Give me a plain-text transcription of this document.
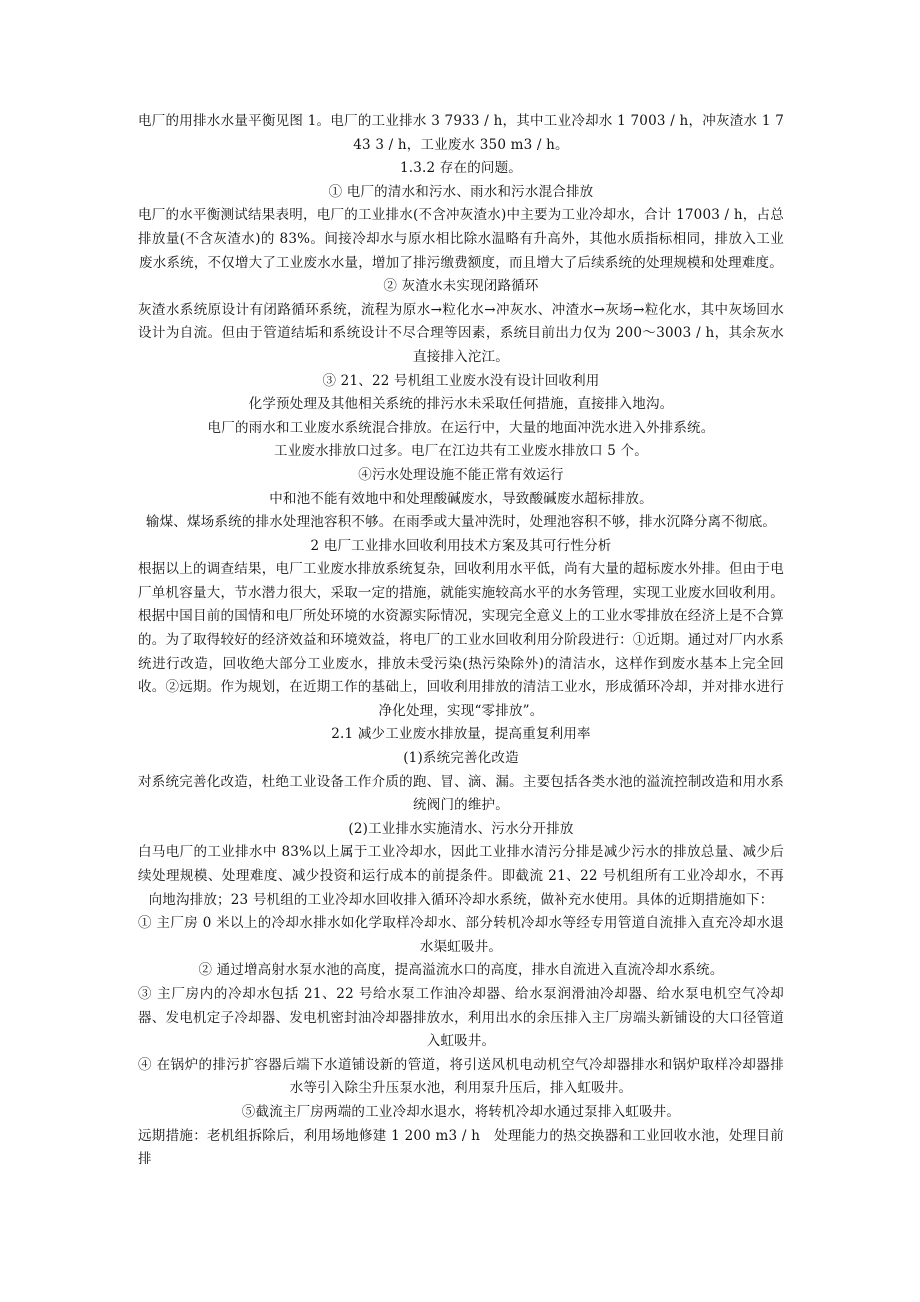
电厂的用排水水量平衡见图 1。电厂的工业排水 3 7933 / h，其中工业冷却水 1 7003 / h，冲灰渣水 1 743 3 / h，工业废水 350 m3 / h。

1.3.2 存在的问题。

① 电厂的清水和污水、雨水和污水混合排放

电厂的水平衡测试结果表明，电厂的工业排水(不含冲灰渣水)中主要为工业冷却水，合计 17003 / h，占总排放量(不含灰渣水)的 83%。间接冷却水与原水相比除水温略有升高外，其他水质指标相同，排放入工业废水系统，不仅增大了工业废水水量，增加了排污缴费额度，而且增大了后续系统的处理规模和处理难度。

② 灰渣水未实现闭路循环

灰渣水系统原设计有闭路循环系统，流程为原水→粒化水→冲灰水、冲渣水→灰场→粒化水，其中灰场回水设计为自流。但由于管道结垢和系统设计不尽合理等因素，系统目前出力仅为 200～3003 / h，其余灰水直接排入沱江。

③ 21、22 号机组工业废水没有设计回收利用

化学预处理及其他相关系统的排污水未采取任何措施，直接排入地沟。

电厂的雨水和工业废水系统混合排放。在运行中，大量的地面冲洗水进入外排系统。

工业废水排放口过多。电厂在江边共有工业废水排放口 5 个。

④污水处理设施不能正常有效运行

中和池不能有效地中和处理酸碱废水，导致酸碱废水超标排放。

输煤、煤场系统的排水处理池容积不够。在雨季或大量冲洗时，处理池容积不够，排水沉降分离不彻底。

2 电厂工业排水回收利用技术方案及其可行性分析

根据以上的调查结果，电厂工业废水排放系统复杂，回收利用水平低，尚有大量的超标废水外排。但由于电厂单机容量大，节水潜力很大，采取一定的措施，就能实施较高水平的水务管理，实现工业废水回收利用。根据中国目前的国情和电厂所处环境的水资源实际情况，实现完全意义上的工业水零排放在经济上是不合算的。为了取得较好的经济效益和环境效益，将电厂的工业水回收利用分阶段进行：①近期。通过对厂内水系统进行改造，回收绝大部分工业废水，排放未受污染(热污染除外)的清洁水，这样作到废水基本上完全回收。②远期。作为规划，在近期工作的基础上，回收利用排放的清洁工业水，形成循环冷却，并对排水进行净化处理，实现“零排放”。

2.1 减少工业废水排放量，提高重复利用率

(1)系统完善化改造

对系统完善化改造，杜绝工业设备工作介质的跑、冒、滴、漏。主要包括各类水池的溢流控制改造和用水系统阀门的维护。

(2)工业排水实施清水、污水分开排放

白马电厂的工业排水中 83%以上属于工业冷却水，因此工业排水清污分排是减少污水的排放总量、减少后续处理规模、处理难度、减少投资和运行成本的前提条件。即截流 21、22 号机组所有工业冷却水，不再向地沟排放；23 号机组的工业冷却水回收排入循环冷却水系统，做补充水使用。具体的近期措施如下：

① 主厂房 0 米以上的冷却水排水如化学取样冷却水、部分转机冷却水等经专用管道自流排入直充冷却水退水渠虹吸井。

② 通过增高射水泵水池的高度，提高溢流水口的高度，排水自流进入直流冷却水系统。

③ 主厂房内的冷却水包括 21、22 号给水泵工作油冷却器、给水泵润滑油冷却器、给水泵电机空气冷却器、发电机定子冷却器、发电机密封油冷却器排放水，利用出水的余压排入主厂房端头新铺设的大口径管道入虹吸井。

④ 在锅炉的排污扩容器后端下水道铺设新的管道，将引送风机电动机空气冷却器排水和锅炉取样冷却器排水等引入除尘升压泵水池，利用泵升压后，排入虹吸井。

⑤截流主厂房两端的工业冷却水退水，将转机冷却水通过泵排入虹吸井。

远期措施：老机组拆除后，利用场地修建 1 200 m3 / h　处理能力的热交换器和工业回收水池，处理目前排
